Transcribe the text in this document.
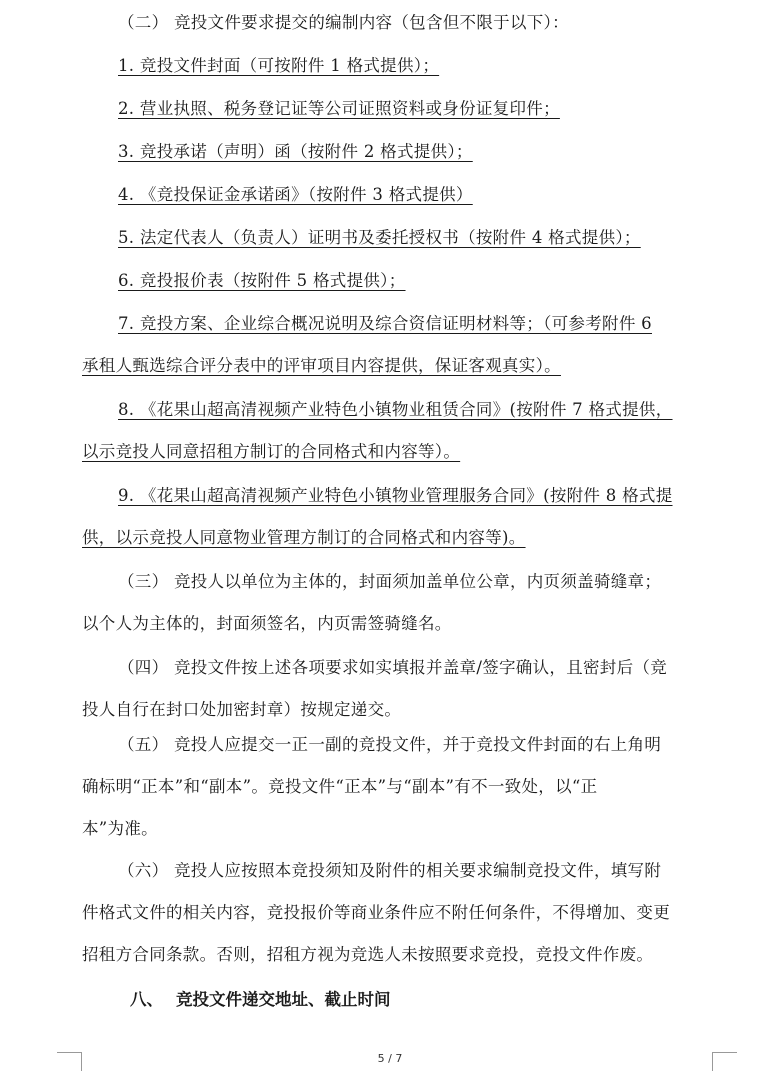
（二） 竞投文件要求提交的编制内容（包含但不限于以下）：
1. 竞投文件封面（可按附件 1 格式提供）；
2. 营业执照、税务登记证等公司证照资料或身份证复印件；
3. 竞投承诺（声明）函（按附件 2 格式提供）；
4. 《竞投保证金承诺函》（按附件 3 格式提供）
5. 法定代表人（负责人）证明书及委托授权书（按附件 4 格式提供）；
6. 竞投报价表（按附件 5 格式提供）；
7. 竞投方案、企业综合概况说明及综合资信证明材料等；（可参考附件 6
承租人甄选综合评分表中的评审项目内容提供，保证客观真实）。
8. 《花果山超高清视频产业特色小镇物业租赁合同》(按附件 7 格式提供，
以示竞投人同意招租方制订的合同格式和内容等）。
9. 《花果山超高清视频产业特色小镇物业管理服务合同》(按附件 8 格式提
供，以示竞投人同意物业管理方制订的合同格式和内容等)。
（三） 竞投人以单位为主体的，封面须加盖单位公章，内页须盖骑缝章；
以个人为主体的，封面须签名，内页需签骑缝名。
（四） 竞投文件按上述各项要求如实填报并盖章/签字确认，且密封后（竞
投人自行在封口处加密封章）按规定递交。
（五） 竞投人应提交一正一副的竞投文件，并于竞投文件封面的右上角明
确标明“正本”和“副本”。竞投文件“正本”与“副本”有不一致处，以“正
本”为准。
（六） 竞投人应按照本竞投须知及附件的相关要求编制竞投文件，填写附
件格式文件的相关内容，竞投报价等商业条件应不附任何条件，不得增加、变更
招租方合同条款。否则，招租方视为竞选人未按照要求竞投，竞投文件作废。
八、 竞投文件递交地址、截止时间
5 / 7
